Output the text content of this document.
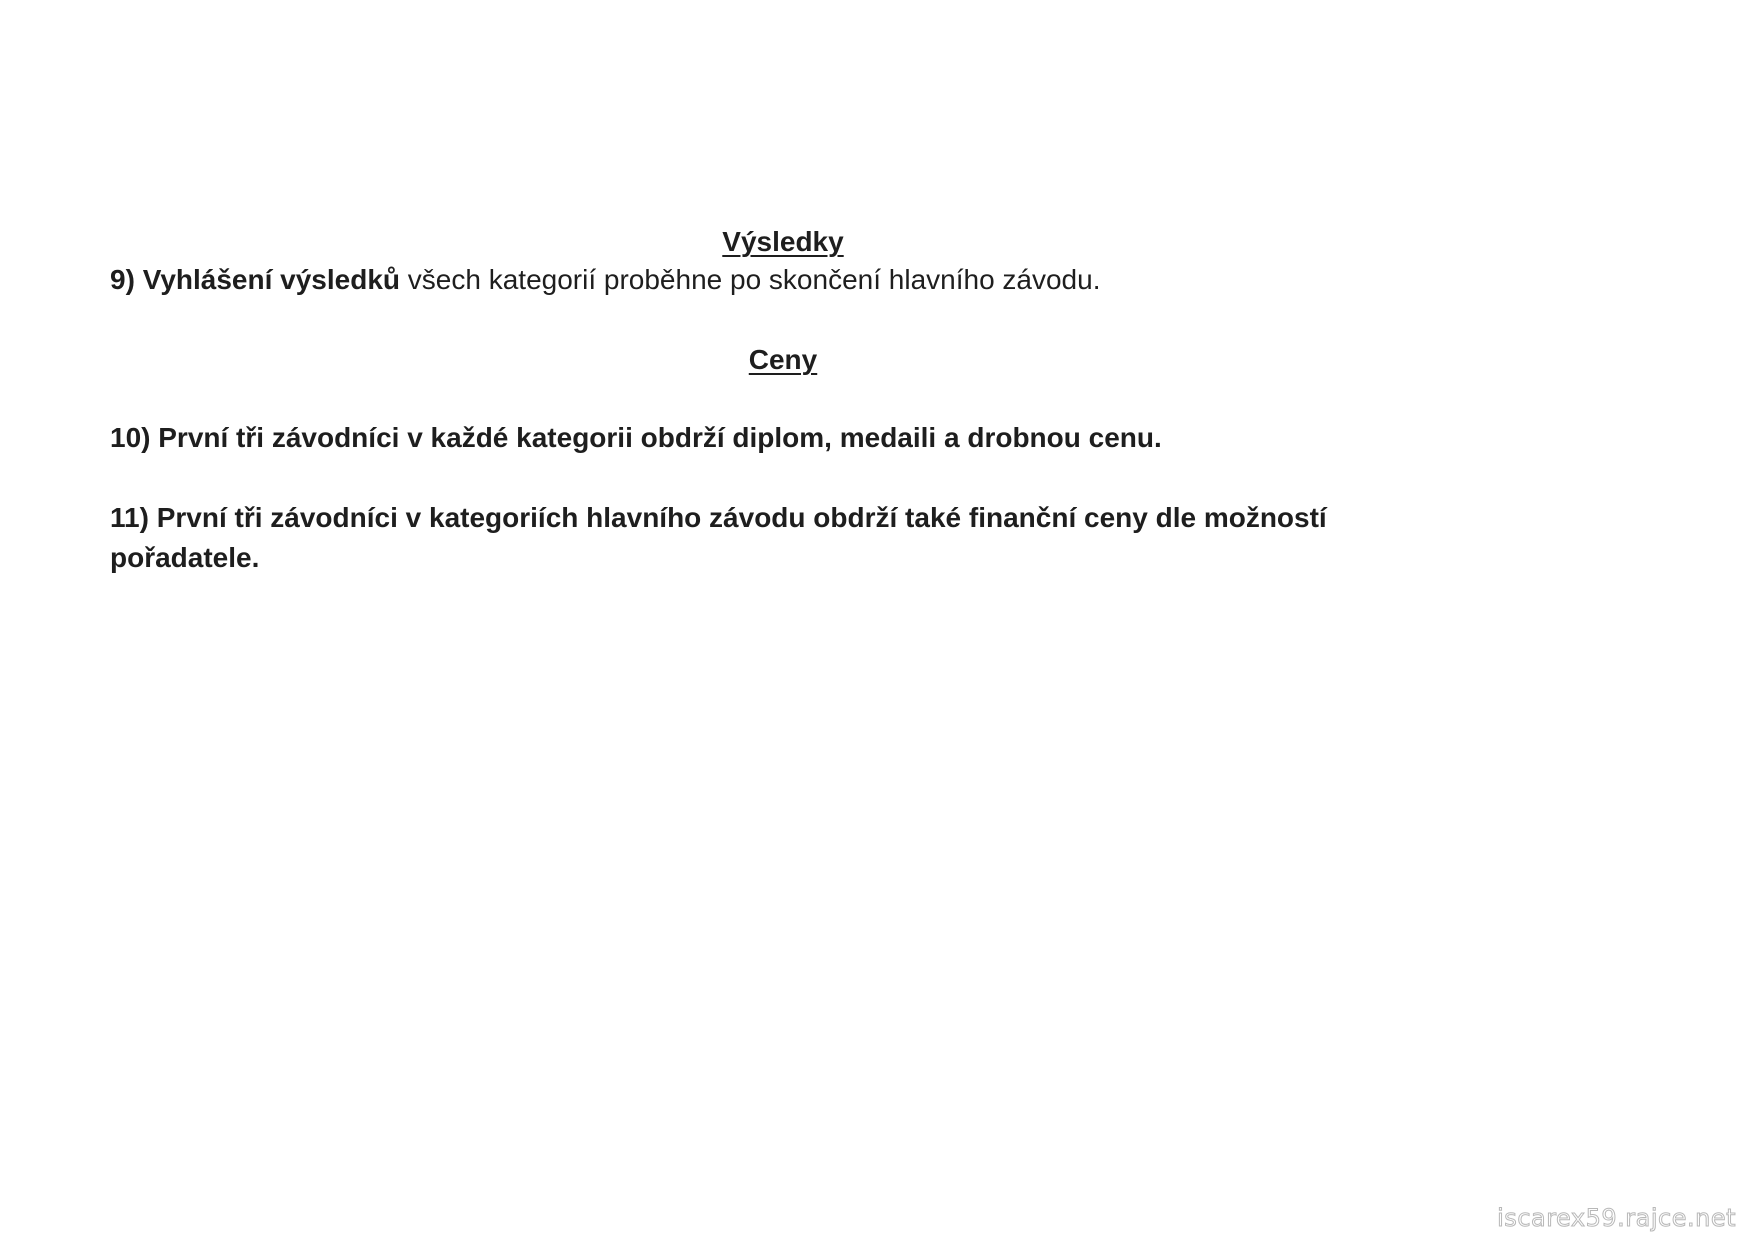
Výsledky

9) Vyhlášení výsledků všech kategorií proběhne po skončení hlavního závodu.

Ceny

10) První tři závodníci v každé kategorii obdrží diplom, medaili a drobnou cenu.

11) První tři závodníci v kategoriích hlavního závodu obdrží také finanční ceny dle možností
pořadatele.

iscarex59.rajce.net
